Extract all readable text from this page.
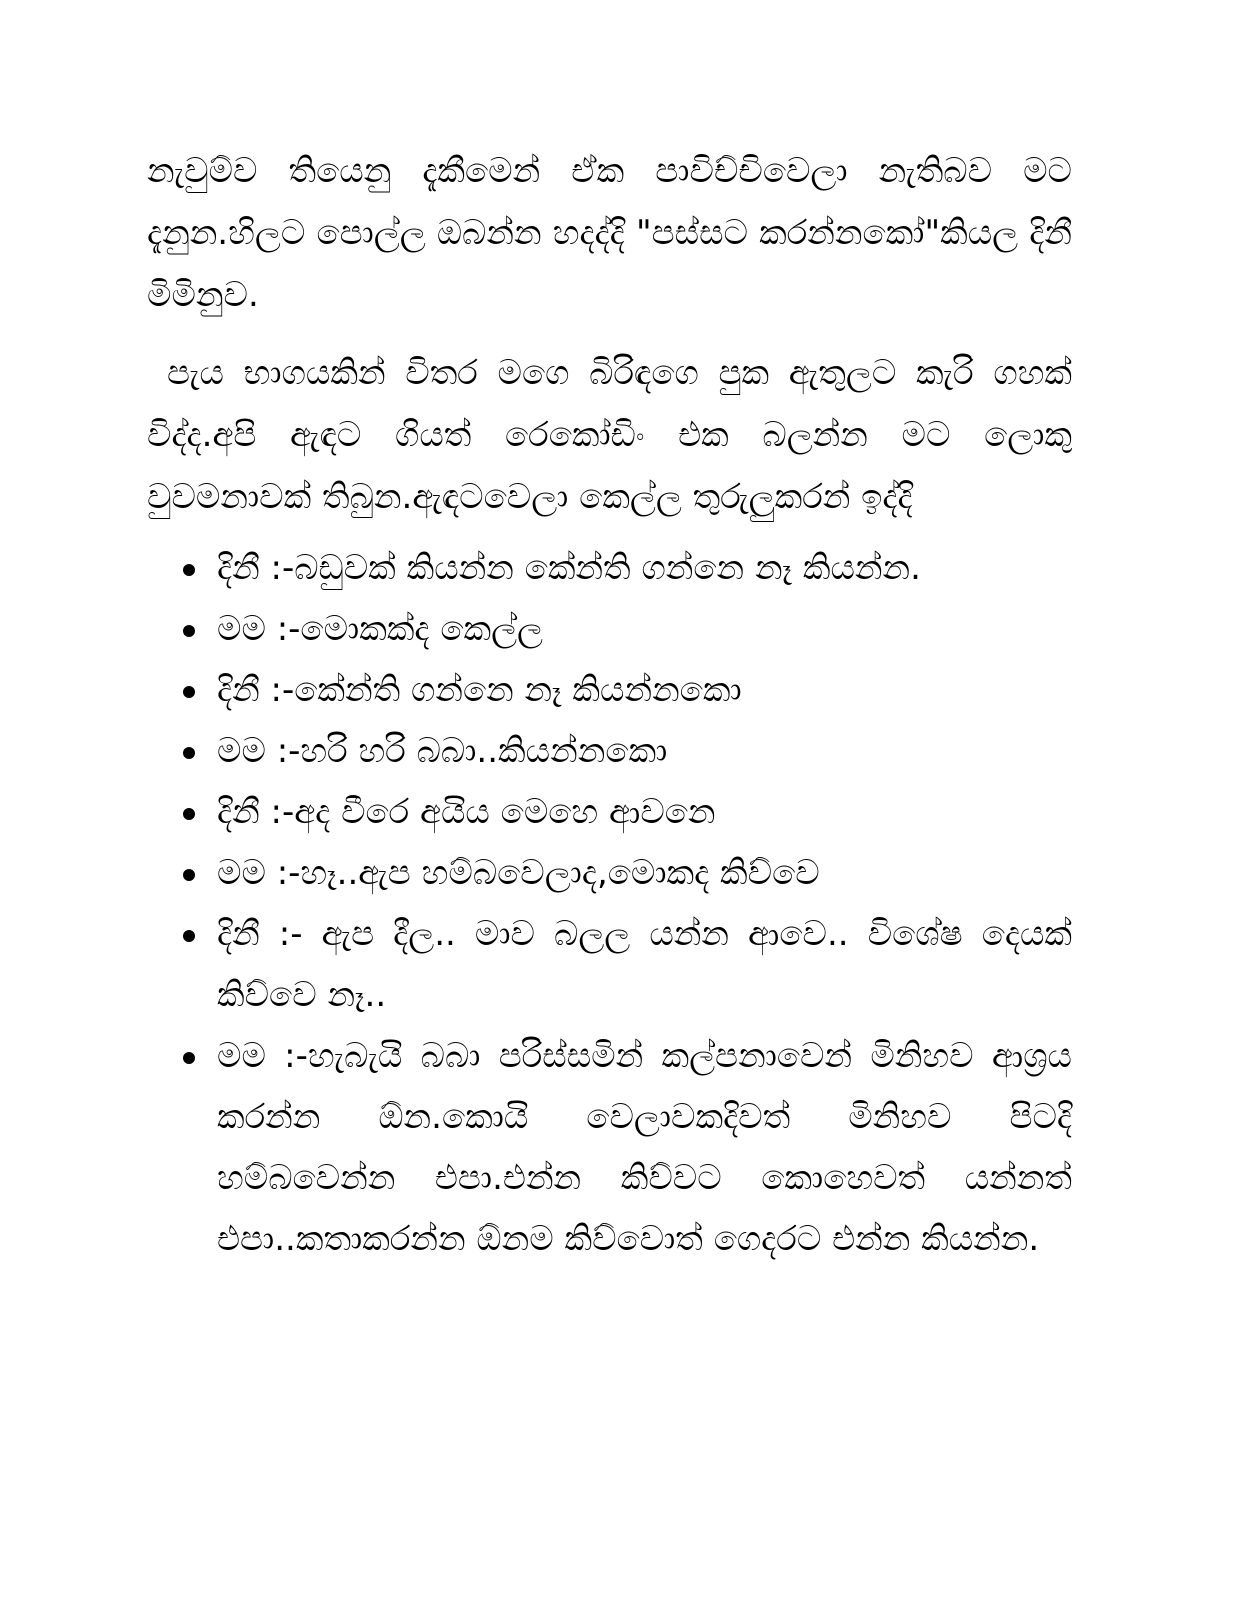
නැවුම්ව තියෙනු දැකීමෙන් ඒක පාවිච්චිවෙලා නැතිබව මට දැනුන.හිලට පොල්ල ඔබන්න හදද්දි "පස්සට කරන්නකෝ"කියල දිනී මිමිනුව.

පැය භාගයකින් විතර මගෙ බිරිඳගෙ පුක ඇතුලට කැරි ගහක් විද්ද.අපි ඇඳට ගියත් රෙකෝඩිං එක බලන්න මට ලොකු වුවමනාවක් තිබුන.ඇඳටවෙලා කෙල්ල තුරුලුකරන් ඉද්දි

දිනී :-බඩුවක් කියන්න කේන්ති ගන්නෙ නෑ කියන්න.
මම :-මොකක්ද කෙල්ල
දිනී :-කේන්ති ගන්නෙ නෑ කියන්නකො
මම :-හරි හරි බබා..කියන්නකො
දිනී :-අද වීරෙ අයිය මෙහෙ ආවනෙ
මම :-හෑ..ඇප හම්බවෙලාද,මොකද කිව්වෙ
දිනී :- ඇප දීල.. මාව බලල යන්න ආවෙ.. විශේෂ දෙයක් කිව්වෙ නෑ..
මම :-හැබැයි බබා පරිස්සමින් කල්පනාවෙන් මිනිහව ආශ්‍රය කරන්න ඕන.කොයි වෙලාවකදිවත් මිනිහව පිටදි හම්බවෙන්න එපා.එන්න කිව්වට කොහෙවත් යන්නත් එපා..කතාකරන්න ඕනම කිව්වොත් ගෙදරට එන්න කියන්න.
